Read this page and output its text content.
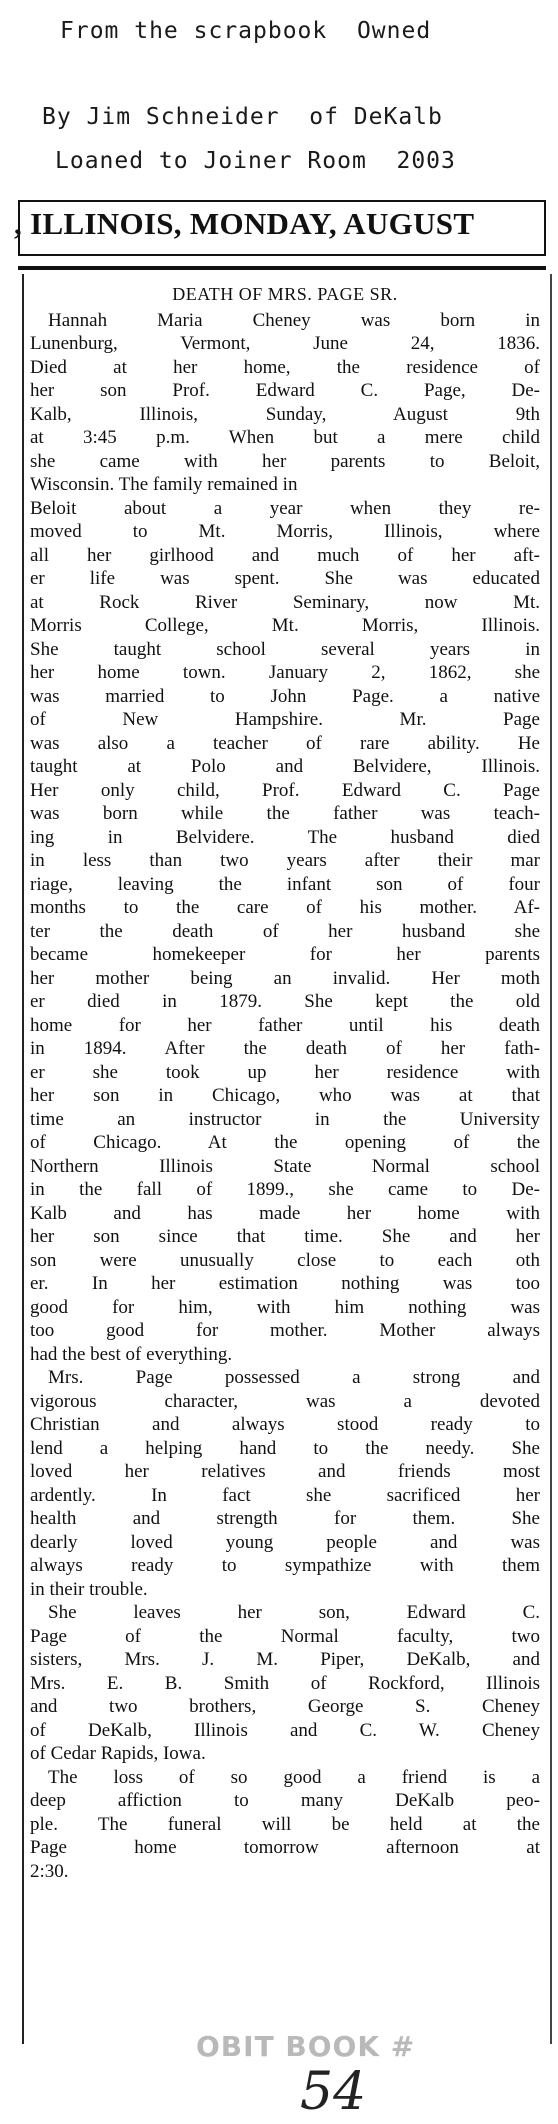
From the scrapbook  Owned
By Jim Schneider  of DeKalb
Loaned to Joiner Room  2003
, ILLINOIS, MONDAY, AUGUST
DEATH OF MRS. PAGE SR.
Hannah Maria Cheney was born in
Lunenburg, Vermont, June 24, 1836.
Died at her home, the residence of
her son Prof. Edward C. Page, De-
Kalb, Illinois, Sunday, August 9th
at 3:45 p.m. When but a mere child
she came with her parents to Beloit,
Wisconsin. The family remained in
Beloit about a year when they re-
moved to Mt. Morris, Illinois, where
all her girlhood and much of her aft-
er life was spent. She was educated
at Rock River Seminary, now Mt.
Morris College, Mt. Morris, Illinois.
She taught school several years in
her home town. January 2, 1862, she
was married to John Page. a native
of New Hampshire. Mr. Page
was also a teacher of rare ability. He
taught at Polo and Belvidere, Illinois.
Her only child, Prof. Edward C. Page
was born while the father was teach-
ing in Belvidere. The husband died
in less than two years after their mar
riage, leaving the infant son of four
months to the care of his mother. Af-
ter the death of her husband she
became homekeeper for her parents
her mother being an invalid. Her moth
er died in 1879. She kept the old
home for her father until his death
in 1894. After the death of her fath-
er she took up her residence with
her son in Chicago, who was at that
time an instructor in the University
of Chicago. At the opening of the
Northern Illinois State Normal school
in the fall of 1899., she came to De-
Kalb and has made her home with
her son since that time. She and her
son were unusually close to each oth
er. In her estimation nothing was too
good for him, with him nothing was
too good for mother. Mother always
had the best of everything.
Mrs. Page possessed a strong and
vigorous character, was a devoted
Christian and always stood ready to
lend a helping hand to the needy. She
loved her relatives and friends most
ardently. In fact she sacrificed her
health and strength for them. She
dearly loved young people and was
always ready to sympathize with them
in their trouble.
She leaves her son, Edward C.
Page of the Normal faculty, two
sisters, Mrs. J. M. Piper, DeKalb, and
Mrs. E. B. Smith of Rockford, Illinois
and two brothers, George S. Cheney
of DeKalb, Illinois and C. W. Cheney
of Cedar Rapids, Iowa.
The loss of so good a friend is a
deep affiction to many DeKalb peo-
ple. The funeral will be held at the
Page home tomorrow afternoon at
2:30.
OBIT BOOK #
54
